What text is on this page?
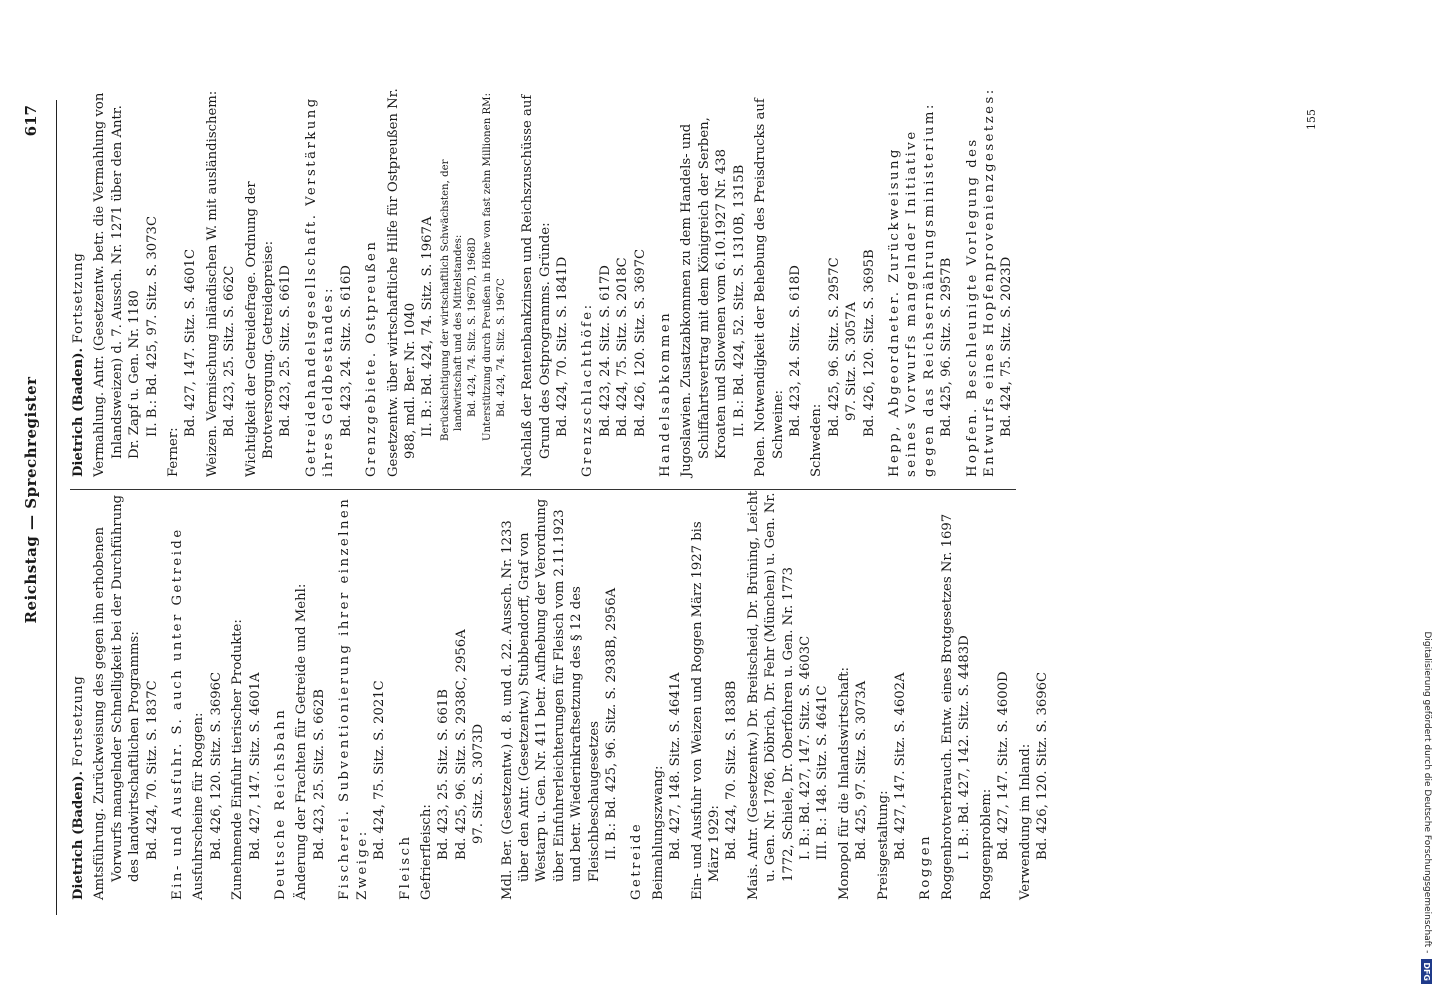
Digitalisierung gefördert durch die Deutsche Forschungsgemeinschaft -
DFG
Reichstag — Sprechregister
617
Dietrich (Baden). Fortsetzung Amtsführung. Zurückweisung des gegen ihn erhobenen Vorwurfs mangelnder Schnelligkeit bei der Durchführung des landwirtschaftlichen Programms: Bd. 424, 70. Sitz. S. 1837C Ein- und Ausfuhr. S. auch unter Getreide Ausfuhrscheine für Roggen: Bd. 426, 120. Sitz. S. 3696C Zunehmende Einfuhr tierischer Produkte: Bd. 427, 147. Sitz. S. 4601A Deutsche Reichsbahn Änderung der Frachten für Getreide und Mehl: Bd. 423, 25. Sitz. S. 662B Fischerei. Subventionierung ihrer einzelnen Zweige:
Bd. 424, 75. Sitz. S. 2021C
Fleisch Gefrierfleisch: Bd. 423, 25. Sitz. S. 661B Bd. 425, 96. Sitz. S. 2938C, 2956A 97. Sitz. S. 3073D Mdl. Ber. (Gesetzentw.) d. 8. und d. 22. Aussch. Nr. 1233 über den Antr. (Gesetzentw.) Stubbendorff, Graf von Westarp u. Gen. Nr. 411 betr. Aufhebung der Verordnung über Einfuhrerleichterungen für Fleisch vom 2.11.1923 und betr. Wiederinkraftsetzung des § 12 des Fleischbeschaugesetzes II. B.: Bd. 425, 96. Sitz. S. 2938B, 2956A
Getreide Beimahlungszwang: Bd. 427, 148. Sitz. S. 4641A Ein- und Ausfuhr von Weizen und Roggen März 1927 bis März 1929: Bd. 424, 70. Sitz. S. 1838B Mais. Antr. (Gesetzentw.) Dr. Breitscheid, Dr. Brüning, Leicht u. Gen. Nr. 1786, Döbrich, Dr. Fehr (München) u. Gen. Nr. 1772, Schiele, Dr. Oberfohren u. Gen. Nr. 1773 I. B.: Bd. 427, 147. Sitz. S. 4603C III. B.: 148. Sitz. S. 4641C Monopol für die Inlandswirtschaft: Bd. 425, 97. Sitz. S. 3073A Preisgestaltung: Bd. 427, 147. Sitz. S. 4602A
Roggen Roggenbrotverbrauch. Entw. eines Brotgesetzes Nr. 1697 I. B.: Bd. 427, 142. Sitz. S. 4483D Roggenproblem: Bd. 427, 147. Sitz. S. 4600D Verwendung im Inland: Bd. 426, 120. Sitz. S. 3696C
Dietrich (Baden). Fortsetzung Vermahlung. Antr. (Gesetzentw. betr. die Vermahlung von Inlandsweizen) d. 7. Aussch. Nr. 1271 über den Antr. Dr. Zapf u. Gen. Nr. 1180 II. B.: Bd. 425, 97. Sitz. S. 3073C
Ferner:
Bd. 427, 147. Sitz. S. 4601C Weizen. Vermischung inländischen W. mit ausländischem: Bd. 423, 25. Sitz. S. 662C Wichtigkeit der Getreidefrage. Ordnung der Brotversorgung. Getreidepreise: Bd. 423, 25. Sitz. S. 661D Getreidehandelsgesellschaft. Verstärkung ihres Geldbestandes: Bd. 423, 24. Sitz. S. 616D Grenzgebiete. Ostpreußen Gesetzentw. über wirtschaftliche Hilfe für Ostpreußen Nr. 988, mdl. Ber. Nr. 1040 II. B.: Bd. 424, 74. Sitz. S. 1967A Berücksichtigung der wirtschaftlich Schwächsten, der landwirtschaft und des Mittelstandes: Bd. 424, 74. Sitz. S. 1967D, 1968D Unterstützung durch Preußen in Höhe von fast zehn Millionen RM: Bd. 424, 74. Sitz. S. 1967C Nachlaß der Rentenbankzinsen und Reichszuschüsse auf Grund des Ostprogramms. Gründe: Bd. 424, 70. Sitz. S. 1841D Grenzschlachthöfe: Bd. 423, 24. Sitz. S. 617D Bd. 424, 75. Sitz. S. 2018C Bd. 426, 120. Sitz. S. 3697C Handelsabkommen Jugoslawien. Zusatzabkommen zu dem Handels- und Schiffahrtsvertrag mit dem Königreich der Serben, Kroaten und Slowenen vom 6.10.1927 Nr. 438 II. B.: Bd. 424, 52. Sitz. S. 1310B, 1315B Polen. Notwendigkeit der Behebung des Preisdrucks auf Schweine: Bd. 423, 24. Sitz. S. 618D
Schweden:
Bd. 425, 96. Sitz. S. 2957C 97. Sitz. S. 3057A Bd. 426, 120. Sitz. S. 3695B Hepp, Abgeordneter. Zurückweisung seines Vorwurfs mangelnder Initiative gegen das Reichsernährungsministerium: Bd. 425, 96. Sitz. S. 2957B Hopfen. Beschleunigte Vorlegung des Entwurfs eines Hopfenprovenienzgesetzes: Bd. 424, 75. Sitz. S. 2023D
155
